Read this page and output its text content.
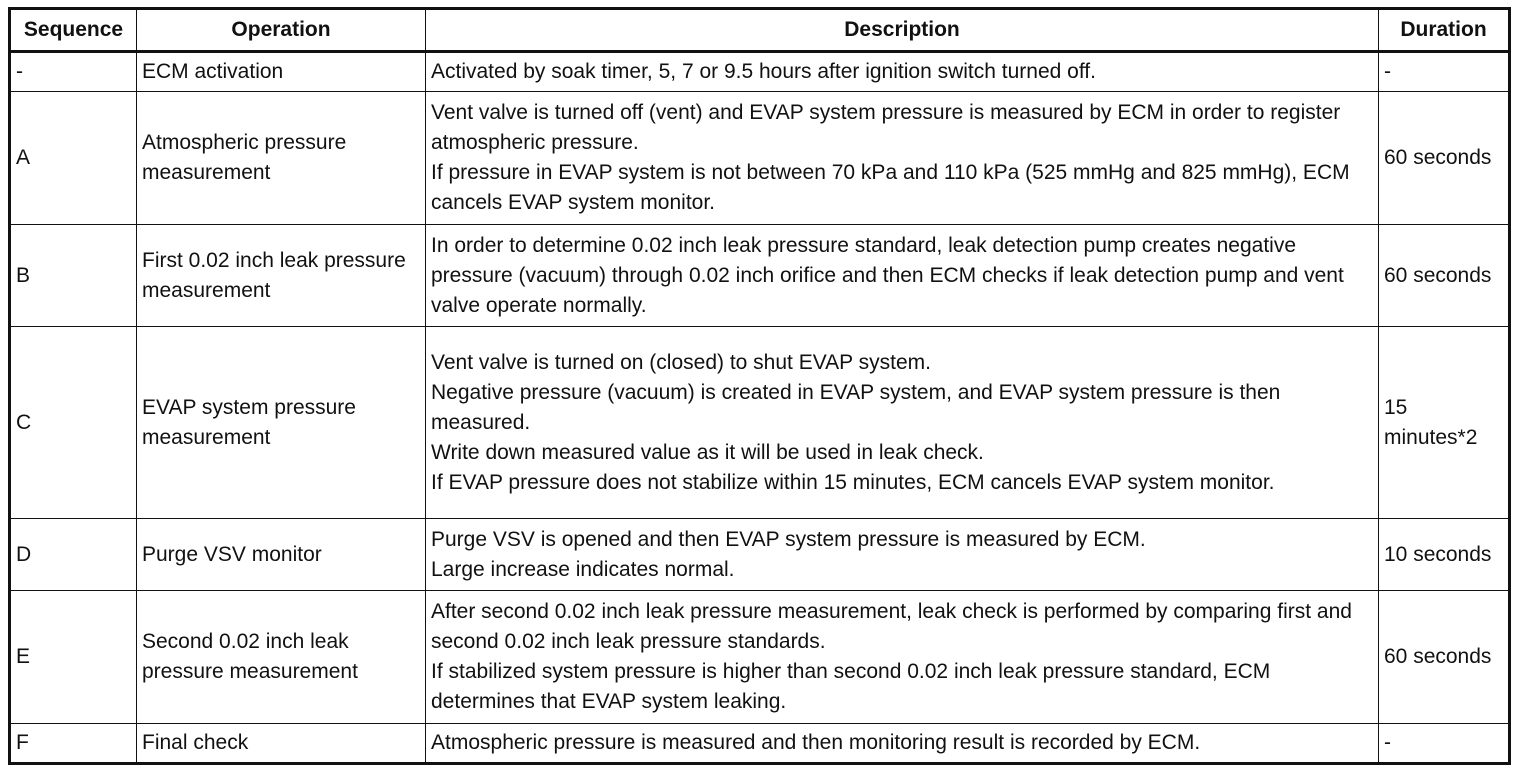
Sequence	Operation	Description	Duration
-	ECM activation	Activated by soak timer, 5, 7 or 9.5 hours after ignition switch turned off.	-
A	Atmospheric pressure measurement	Vent valve is turned off (vent) and EVAP system pressure is measured by ECM in order to register atmospheric pressure.
If pressure in EVAP system is not between 70 kPa and 110 kPa (525 mmHg and 825 mmHg), ECM cancels EVAP system monitor.	60 seconds
B	First 0.02 inch leak pressure measurement	In order to determine 0.02 inch leak pressure standard, leak detection pump creates negative pressure (vacuum) through 0.02 inch orifice and then ECM checks if leak detection pump and vent valve operate normally.	60 seconds
C	EVAP system pressure measurement	Vent valve is turned on (closed) to shut EVAP system.
Negative pressure (vacuum) is created in EVAP system, and EVAP system pressure is then measured.
Write down measured value as it will be used in leak check.
If EVAP pressure does not stabilize within 15 minutes, ECM cancels EVAP system monitor.	15 minutes*2
D	Purge VSV monitor	Purge VSV is opened and then EVAP system pressure is measured by ECM.
Large increase indicates normal.	10 seconds
E	Second 0.02 inch leak pressure measurement	After second 0.02 inch leak pressure measurement, leak check is performed by comparing first and second 0.02 inch leak pressure standards.
If stabilized system pressure is higher than second 0.02 inch leak pressure standard, ECM determines that EVAP system leaking.	60 seconds
F	Final check	Atmospheric pressure is measured and then monitoring result is recorded by ECM.	-
